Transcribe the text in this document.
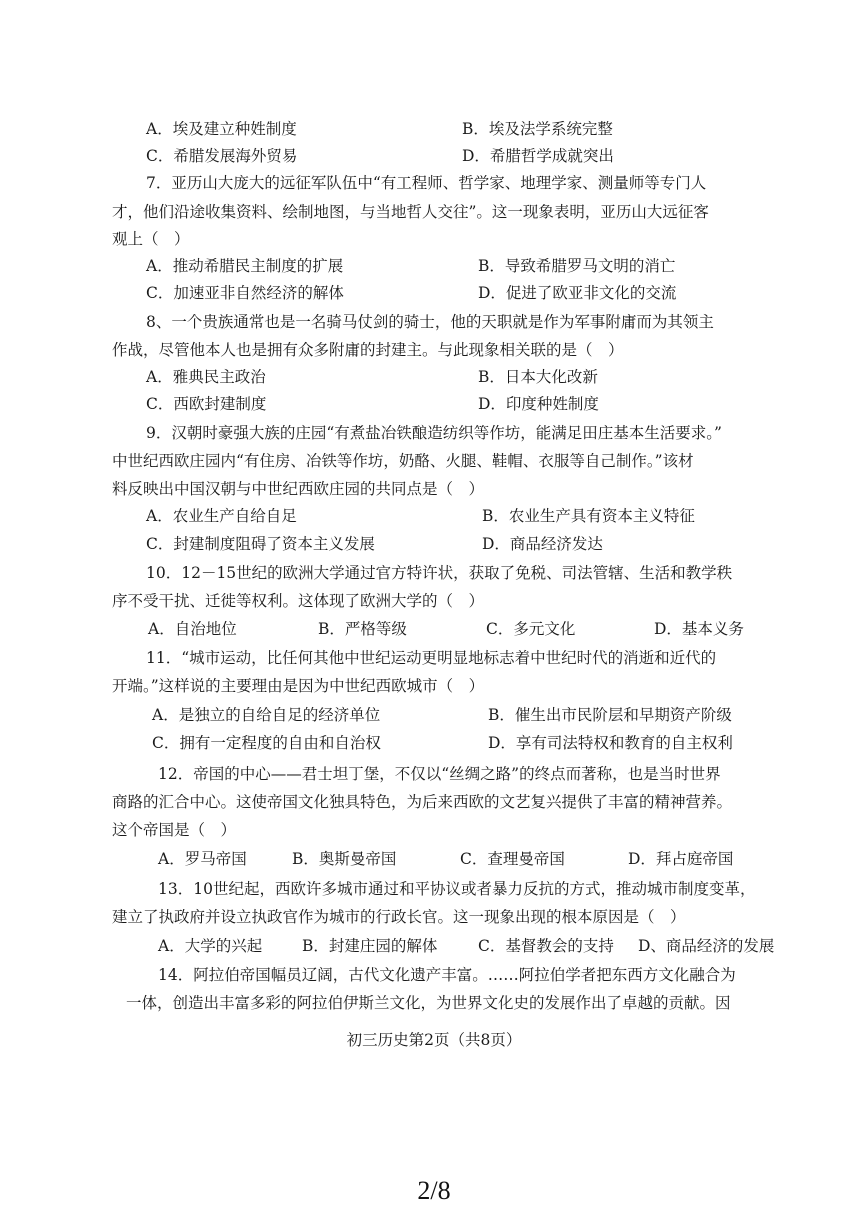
A．埃及建立种姓制度	B．埃及法学系统完整
C．希腊发展海外贸易	D．希腊哲学成就突出
7．亚历山大庞大的远征军队伍中“有工程师、哲学家、地理学家、测量师等专门人
才，他们沿途收集资料、绘制地图，与当地哲人交往”。这一现象表明，亚历山大远征客
观上（　）
A．推动希腊民主制度的扩展	B．导致希腊罗马文明的消亡
C．加速亚非自然经济的解体	D．促进了欧亚非文化的交流
8、一个贵族通常也是一名骑马仗剑的骑士，他的天职就是作为军事附庸而为其领主
作战，尽管他本人也是拥有众多附庸的封建主。与此现象相关联的是（　）
A．雅典民主政治	B．日本大化改新
C．西欧封建制度	D．印度种姓制度
9．汉朝时豪强大族的庄园“有煮盐冶铁酿造纺织等作坊，能满足田庄基本生活要求。”
中世纪西欧庄园内“有住房、冶铁等作坊，奶酪、火腿、鞋帽、衣服等自己制作。”该材
料反映出中国汉朝与中世纪西欧庄园的共同点是（　）
A．农业生产自给自足	B．农业生产具有资本主义特征
C．封建制度阻碍了资本主义发展	D．商品经济发达
10．12－15世纪的欧洲大学通过官方特许状，获取了免税、司法管辖、生活和教学秩
序不受干扰、迁徙等权利。这体现了欧洲大学的（　）
A．自治地位	B．严格等级	C．多元文化	D．基本义务
11．“城市运动，比任何其他中世纪运动更明显地标志着中世纪时代的消逝和近代的
开端。”这样说的主要理由是因为中世纪西欧城市（　）
A．是独立的自给自足的经济单位	B．催生出市民阶层和早期资产阶级
C．拥有一定程度的自由和自治权	D．享有司法特权和教育的自主权利
12．帝国的中心——君士坦丁堡，不仅以“丝绸之路”的终点而著称，也是当时世界
商路的汇合中心。这使帝国文化独具特色，为后来西欧的文艺复兴提供了丰富的精神营养。
这个帝国是（　）
A．罗马帝国	B．奥斯曼帝国	C．查理曼帝国	D．拜占庭帝国
13．10世纪起，西欧许多城市通过和平协议或者暴力反抗的方式，推动城市制度变革，
建立了执政府并设立执政官作为城市的行政长官。这一现象出现的根本原因是（　）
A．大学的兴起	B．封建庄园的解体	C．基督教会的支持 D、商品经济的发展
14．阿拉伯帝国幅员辽阔，古代文化遗产丰富。……阿拉伯学者把东西方文化融合为
一体，创造出丰富多彩的阿拉伯伊斯兰文化，为世界文化史的发展作出了卓越的贡献。因
初三历史第2页（共8页）
2/8
